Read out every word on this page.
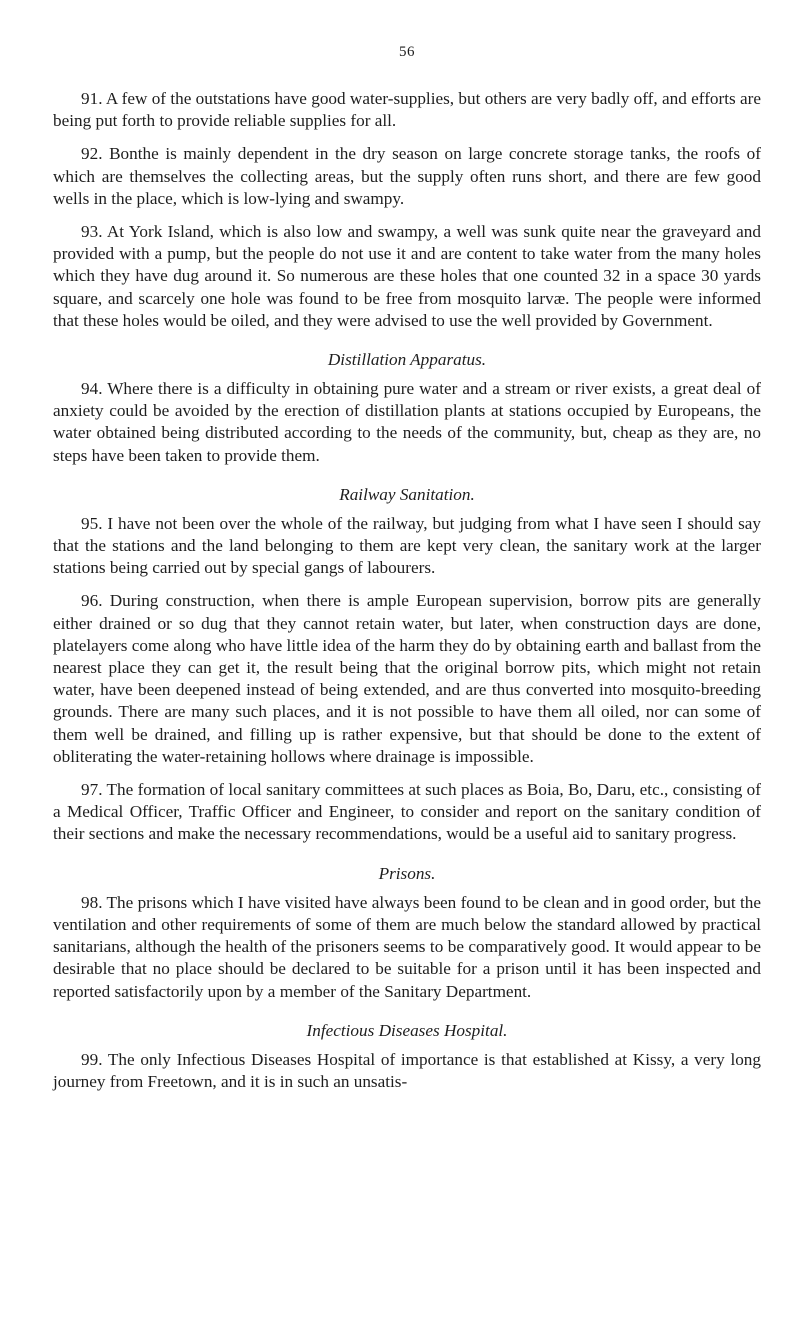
56

91. A few of the outstations have good water-supplies, but others are very badly off, and efforts are being put forth to provide reliable supplies for all.

92. Bonthe is mainly dependent in the dry season on large concrete storage tanks, the roofs of which are themselves the collecting areas, but the supply often runs short, and there are few good wells in the place, which is low-lying and swampy.

93. At York Island, which is also low and swampy, a well was sunk quite near the graveyard and provided with a pump, but the people do not use it and are content to take water from the many holes which they have dug around it. So numerous are these holes that one counted 32 in a space 30 yards square, and scarcely one hole was found to be free from mosquito larvæ. The people were informed that these holes would be oiled, and they were advised to use the well provided by Government.

Distillation Apparatus.

94. Where there is a difficulty in obtaining pure water and a stream or river exists, a great deal of anxiety could be avoided by the erection of distillation plants at stations occupied by Europeans, the water obtained being distributed according to the needs of the community, but, cheap as they are, no steps have been taken to provide them.

Railway Sanitation.

95. I have not been over the whole of the railway, but judging from what I have seen I should say that the stations and the land belonging to them are kept very clean, the sanitary work at the larger stations being carried out by special gangs of labourers.

96. During construction, when there is ample European supervision, borrow pits are generally either drained or so dug that they cannot retain water, but later, when construction days are done, platelayers come along who have little idea of the harm they do by obtaining earth and ballast from the nearest place they can get it, the result being that the original borrow pits, which might not retain water, have been deepened instead of being extended, and are thus converted into mosquito-breeding grounds. There are many such places, and it is not possible to have them all oiled, nor can some of them well be drained, and filling up is rather expensive, but that should be done to the extent of obliterating the water-retaining hollows where drainage is impossible.

97. The formation of local sanitary committees at such places as Boia, Bo, Daru, etc., consisting of a Medical Officer, Traffic Officer and Engineer, to consider and report on the sanitary condition of their sections and make the necessary recommendations, would be a useful aid to sanitary progress.

Prisons.

98. The prisons which I have visited have always been found to be clean and in good order, but the ventilation and other requirements of some of them are much below the standard allowed by practical sanitarians, although the health of the prisoners seems to be comparatively good. It would appear to be desirable that no place should be declared to be suitable for a prison until it has been inspected and reported satisfactorily upon by a member of the Sanitary Department.

Infectious Diseases Hospital.

99. The only Infectious Diseases Hospital of importance is that established at Kissy, a very long journey from Freetown, and it is in such an unsatis-
